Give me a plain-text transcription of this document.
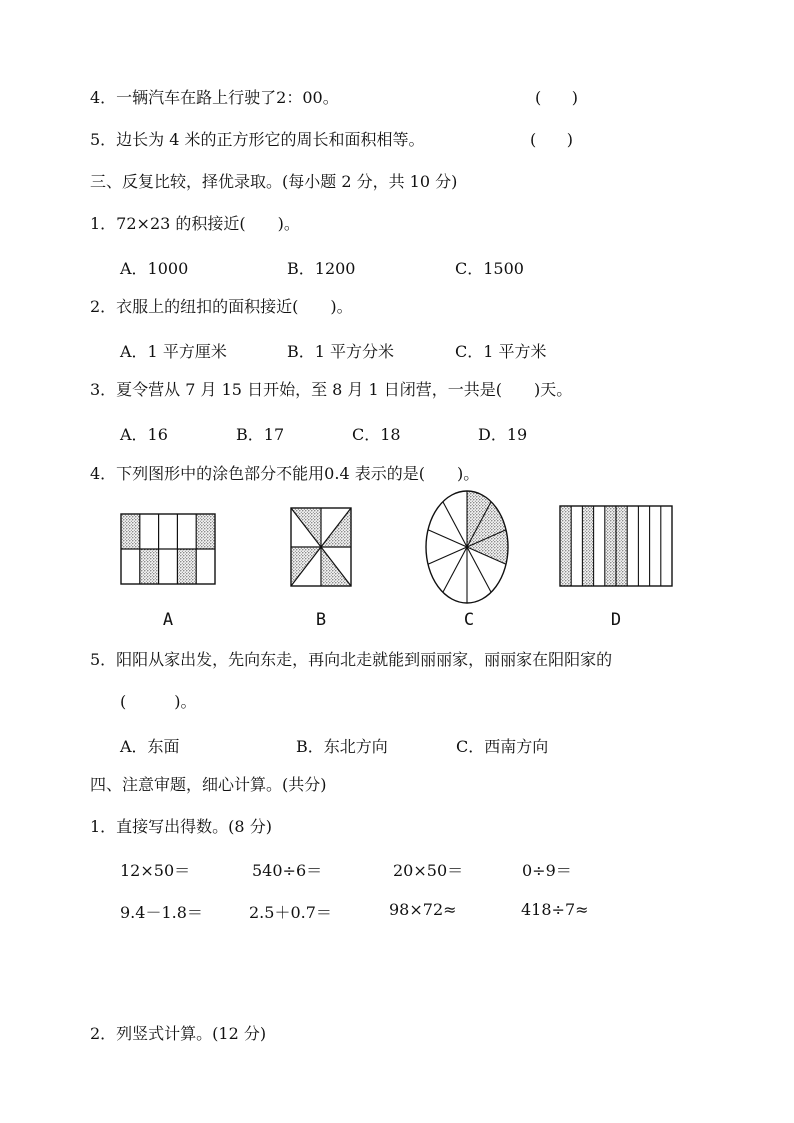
4．一辆汽车在路上行驶了2：00。	(      )
5．边长为 4 米的正方形它的周长和面积相等。	(      )
三、反复比较，择优录取。(每小题 2 分，共 10 分)
1．72×23 的积接近(　　)。
A．1000	B．1200	C．1500
2．衣服上的纽扣的面积接近(　　)。
A．1 平方厘米	B．1 平方分米	C．1 平方米
3．夏令营从 7 月 15 日开始，至 8 月 1 日闭营，一共是(　　)天。
A．16	B．17	C．18	D．19
4．下列图形中的涂色部分不能用0.4 表示的是(　　)。
A	B	C	D
5．阳阳从家出发，先向东走，再向北走就能到丽丽家，丽丽家在阳阳家的
(　　　)。
A．东面	B．东北方向	C．西南方向
四、注意审题，细心计算。(共分)
1．直接写出得数。(8 分)
12×50＝	540÷6＝	20×50＝	0÷9＝
9.4－1.8＝	2.5＋0.7＝	98×72≈	418÷7≈
2．列竖式计算。(12 分)
